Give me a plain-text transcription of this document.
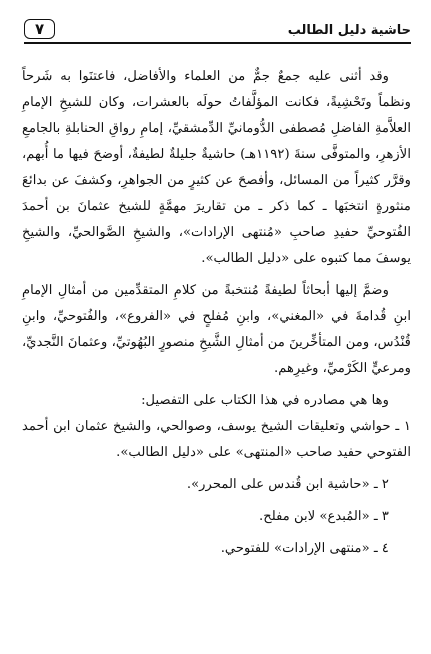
حاشية دليل الطالب
٧

وقد أثنى عليه جمعٌ جمٌّ من العلماء والأفاضل، فاعتنَوا به شَرحاً ونظماً وتَحْشِيةً، فكانت المؤلَّفاتُ حولَه بالعشرات، وكان للشيخِ الإمامِ العلاَّمةِ الفاضلِ مُصطفى الدُّومانيِّ الدِّمشقيِّ، إمامِ رواقِ الحنابلةِ بالجامعِ الأزهرِ، والمتوفَّى سنةَ (١١٩٢هـ) حاشيةٌ جليلةٌ لطيفةٌ، أوضحَ فيها ما أُبهم، وقرَّر كثيراً من المسائل، وأفصحَ عن كثيرٍ من الجواهرِ، وكشفَ عن بدائعَ منثورةٍ انتخبَها ـ كما ذكر ـ من تقاريرَ مهمَّةٍ للشيخ عثمانَ بن أحمدَ الفُتوحيِّ حفيدِ صاحبِ «مُنتهى الإرادات»، والشيخِ الصَّوالحيِّ، والشيخِ يوسفَ مما كتبوه على «دليل الطالب».

وضمَّ إليها أبحاثاً لطيفةً مُنتخبةً من كلامِ المتقدِّمين من أمثالِ الإمامِ ابنِ قُدامةَ في «المغني»، وابنِ مُفلحٍ في «الفروع»، والفُتوحيِّ، وابنِ قُنْدُس، ومن المتأخِّرينَ من أمثالِ الشَّيخِ منصورٍ البُهُوتيِّ، وعثمانَ النَّجديِّ، ومرعيٍّ الكَرْميِّ، وغيرِهم.

وها هي مصادره في هذا الكتاب على التفصيل:

١ ـ حواشي وتعليقات الشيخ يوسف، وصوالحي، والشيخ عثمان ابن أحمد الفتوحي حفيد صاحب «المنتهى» على «دليل الطالب».

٢ ـ «حاشية ابن قُندس على المحرر».

٣ ـ «المُبدع» لابن مفلح.

٤ ـ «منتهى الإرادات» للفتوحي.
